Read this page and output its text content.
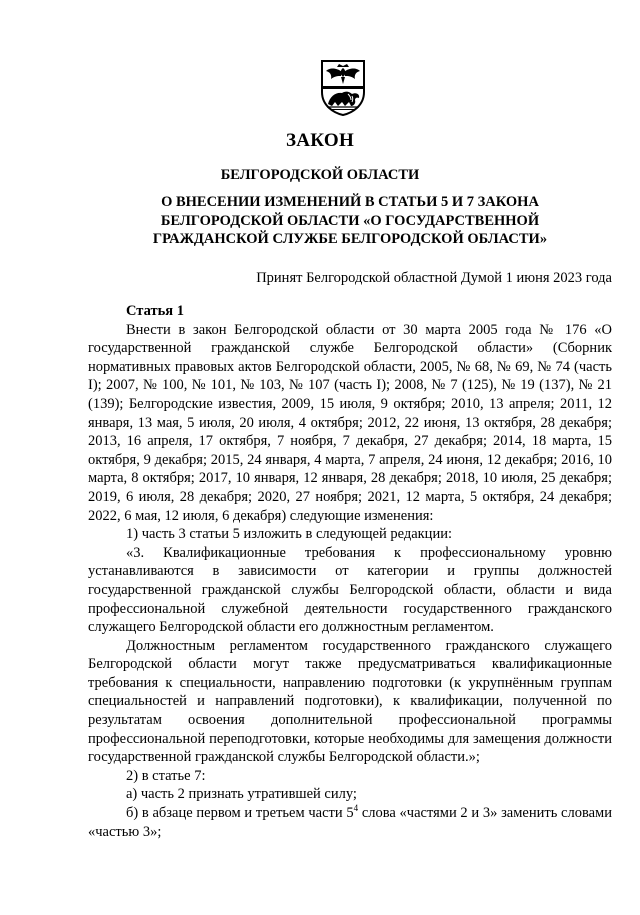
ЗАКОН
БЕЛГОРОДСКОЙ ОБЛАСТИ
О ВНЕСЕНИИ ИЗМЕНЕНИЙ В СТАТЬИ 5 И 7 ЗАКОНА
БЕЛГОРОДСКОЙ ОБЛАСТИ «О ГОСУДАРСТВЕННОЙ
ГРАЖДАНСКОЙ СЛУЖБЕ БЕЛГОРОДСКОЙ ОБЛАСТИ»
Принят Белгородской областной Думой 1 июня 2023 года
Статья 1

Внести в закон Белгородской области от 30 марта 2005 года № 176 «О государственной гражданской службе Белгородской области» (Сборник нормативных правовых актов Белгородской области, 2005, № 68, № 69, № 74 (часть I); 2007, № 100, № 101, № 103, № 107 (часть I); 2008, № 7 (125), № 19 (137), № 21 (139); Белгородские известия, 2009, 15 июля, 9 октября; 2010, 13 апреля; 2011, 12 января, 13 мая, 5 июля, 20 июля, 4 октября; 2012, 22 июня, 13 октября, 28 декабря; 2013, 16 апреля, 17 октября, 7 ноября, 7 декабря, 27 декабря; 2014, 18 марта, 15 октября, 9 декабря; 2015, 24 января, 4 марта, 7 апреля, 24 июня, 12 декабря; 2016, 10 марта, 8 октября; 2017, 10 января, 12 января, 28 декабря; 2018, 10 июля, 25 декабря; 2019, 6 июля, 28 декабря; 2020, 27 ноября; 2021, 12 марта, 5 октября, 24 декабря; 2022, 6 мая, 12 июля, 6 декабря) следующие изменения:

1) часть 3 статьи 5 изложить в следующей редакции:

«3. Квалификационные требования к профессиональному уровню устанавливаются в зависимости от категории и группы должностей государственной гражданской службы Белгородской области, области и вида профессиональной служебной деятельности государственного гражданского служащего Белгородской области его должностным регламентом.

Должностным регламентом государственного гражданского служащего Белгородской области могут также предусматриваться квалификационные требования к специальности, направлению подготовки (к укрупнённым группам специальностей и направлений подготовки), к квалификации, полученной по результатам освоения дополнительной профессиональной программы профессиональной переподготовки, которые необходимы для замещения должности государственной гражданской службы Белгородской области.»;

2) в статье 7:

а) часть 2 признать утратившей силу;

б) в абзаце первом и третьем части $5^4$ слова «частями 2 и 3» заменить словами «частью 3»;
